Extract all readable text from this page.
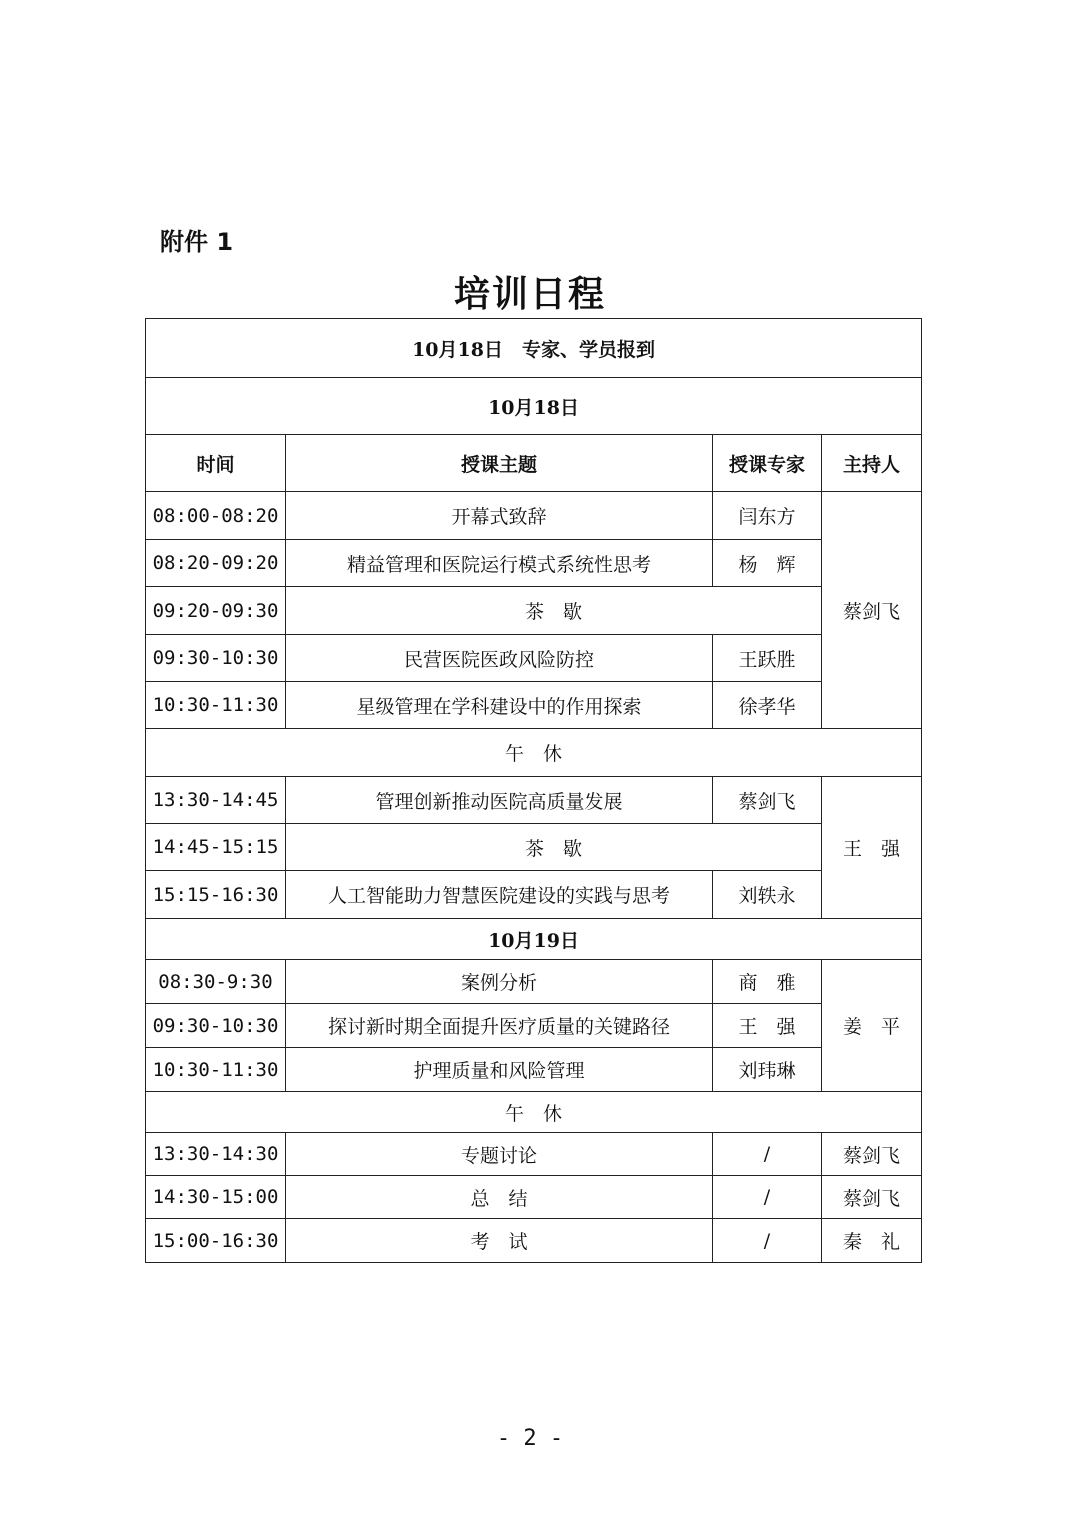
附件 1
培训日程
10月18日　专家、学员报到			
10月18日			
时间	授课主题	授课专家	主持人
08:00-08:20	开幕式致辞	闫东方	蔡剑飞
08:20-09:20	精益管理和医院运行模式系统性思考	杨　辉	
09:20-09:30	茶　歇		
09:30-10:30	民营医院医政风险防控	王跃胜	
10:30-11:30	星级管理在学科建设中的作用探索	徐孝华	
午　休			
13:30-14:45	管理创新推动医院高质量发展	蔡剑飞	王　强
14:45-15:15	茶　歇		
15:15-16:30	人工智能助力智慧医院建设的实践与思考	刘轶永	
10月19日			
08:30-9:30	案例分析	商　雅	姜　平
09:30-10:30	探讨新时期全面提升医疗质量的关键路径	王　强	
10:30-11:30	护理质量和风险管理	刘玮琳	
午　休			
13:30-14:30	专题讨论	/	蔡剑飞
14:30-15:00	总　结	/	蔡剑飞
15:00-16:30	考　试	/	秦　礼
- 2 -
